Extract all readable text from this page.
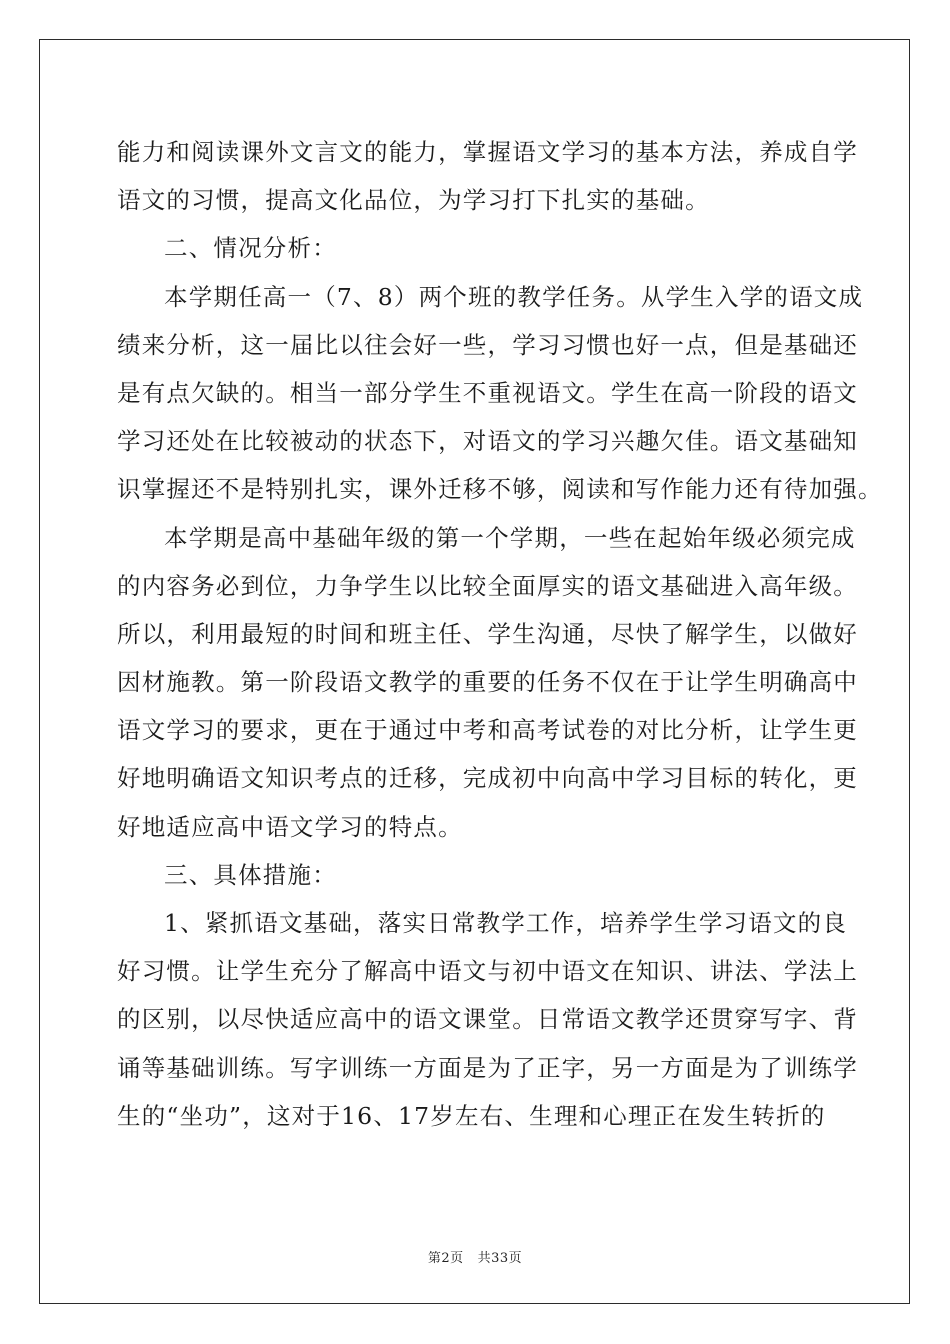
能力和阅读课外文言文的能力，掌握语文学习的基本方法，养成自学
语文的习惯，提高文化品位，为学习打下扎实的基础。
二、情况分析：
本学期任高一（7、8）两个班的教学任务。从学生入学的语文成
绩来分析，这一届比以往会好一些，学习习惯也好一点，但是基础还
是有点欠缺的。相当一部分学生不重视语文。学生在高一阶段的语文
学习还处在比较被动的状态下，对语文的学习兴趣欠佳。语文基础知
识掌握还不是特别扎实，课外迁移不够，阅读和写作能力还有待加强。
本学期是高中基础年级的第一个学期，一些在起始年级必须完成
的内容务必到位，力争学生以比较全面厚实的语文基础进入高年级。
所以，利用最短的时间和班主任、学生沟通，尽快了解学生，以做好
因材施教。第一阶段语文教学的重要的任务不仅在于让学生明确高中
语文学习的要求，更在于通过中考和高考试卷的对比分析，让学生更
好地明确语文知识考点的迁移，完成初中向高中学习目标的转化，更
好地适应高中语文学习的特点。
三、具体措施：
1、紧抓语文基础，落实日常教学工作，培养学生学习语文的良
好习惯。让学生充分了解高中语文与初中语文在知识、讲法、学法上
的区别，以尽快适应高中的语文课堂。日常语文教学还贯穿写字、背
诵等基础训练。写字训练一方面是为了正字，另一方面是为了训练学
生的“坐功”，这对于16、17岁左右、生理和心理正在发生转折的
第2页 共33页
